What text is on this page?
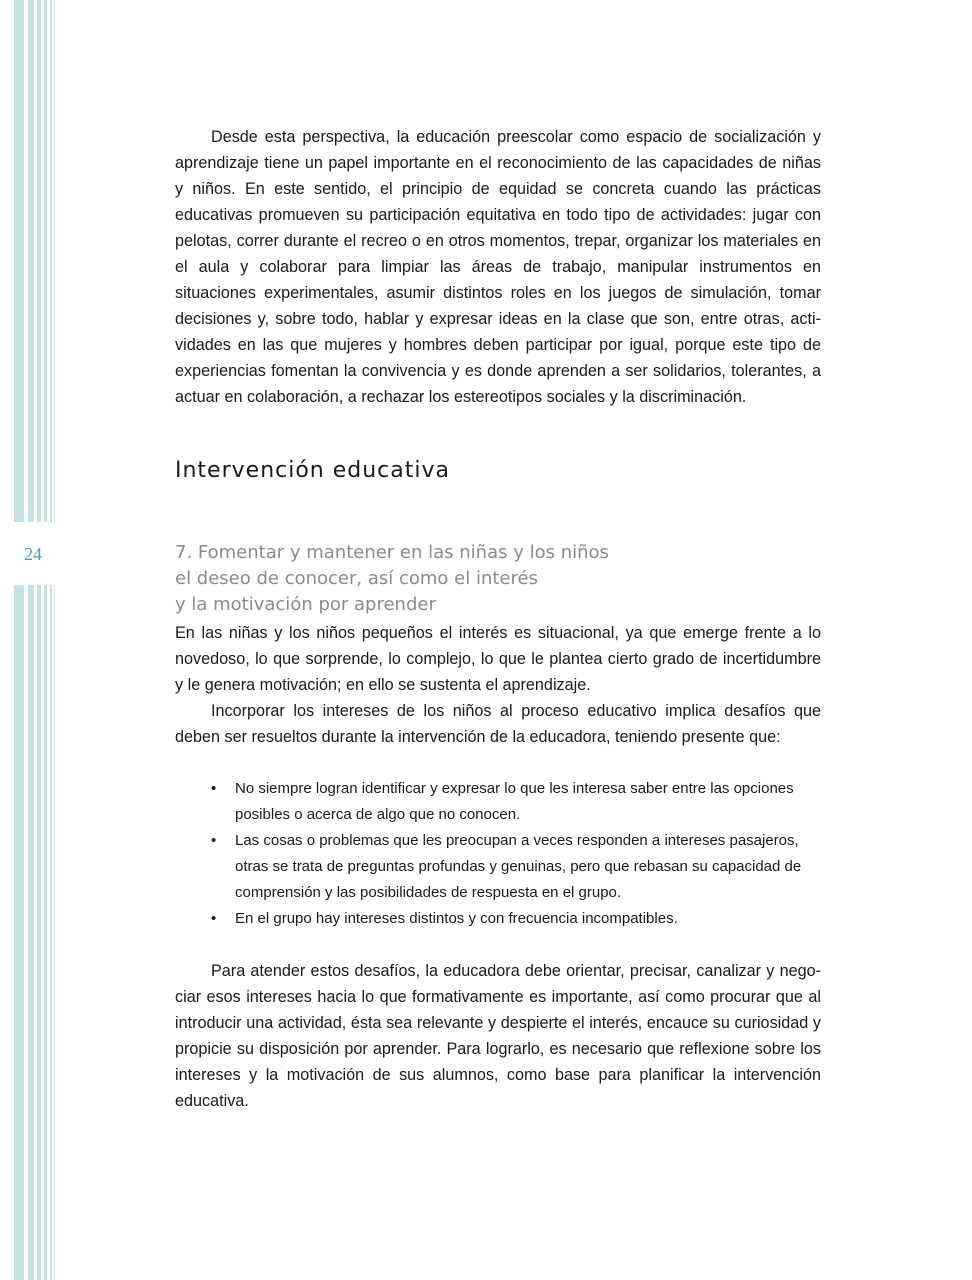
24

Desde esta perspectiva, la educación preescolar como espacio de socialización y aprendizaje tiene un papel importante en el reconocimiento de las capacidades de niñas y niños. En este sentido, el principio de equidad se concreta cuando las prácticas educativas promueven su participación equitativa en todo tipo de actividades: jugar con pelotas, correr durante el recreo o en otros momentos, trepar, organizar los materiales en el aula y colaborar para limpiar las áreas de trabajo, manipular instrumentos en situaciones experimentales, asumir distintos roles en los juegos de simulación, tomar decisiones y, sobre todo, hablar y expresar ideas en la clase que son, entre otras, actividades en las que mujeres y hombres deben participar por igual, porque este tipo de experiencias fomentan la convivencia y es donde aprenden a ser solidarios, tolerantes, a actuar en colaboración, a rechazar los estereotipos sociales y la discriminación.

Intervención educativa
7. Fomentar y mantener en las niñas y los niños
el deseo de conocer, así como el interés
y la motivación por aprender

En las niñas y los niños pequeños el interés es situacional, ya que emerge frente a lo novedoso, lo que sorprende, lo complejo, lo que le plantea cierto grado de incertidumbre y le genera motivación; en ello se sustenta el aprendizaje.

Incorporar los intereses de los niños al proceso educativo implica desafíos que deben ser resueltos durante la intervención de la educadora, teniendo presente que:

• No siempre logran identificar y expresar lo que les interesa saber entre las opciones posibles o acerca de algo que no conocen.
• Las cosas o problemas que les preocupan a veces responden a intereses pasajeros, otras se trata de preguntas profundas y genuinas, pero que rebasan su capacidad de comprensión y las posibilidades de respuesta en el grupo.
• En el grupo hay intereses distintos y con frecuencia incompatibles.

Para atender estos desafíos, la educadora debe orientar, precisar, canalizar y negociar esos intereses hacia lo que formativamente es importante, así como procurar que al introducir una actividad, ésta sea relevante y despierte el interés, encauce su curiosidad y propicie su disposición por aprender. Para lograrlo, es necesario que reflexione sobre los intereses y la motivación de sus alumnos, como base para planificar la intervención educativa.
